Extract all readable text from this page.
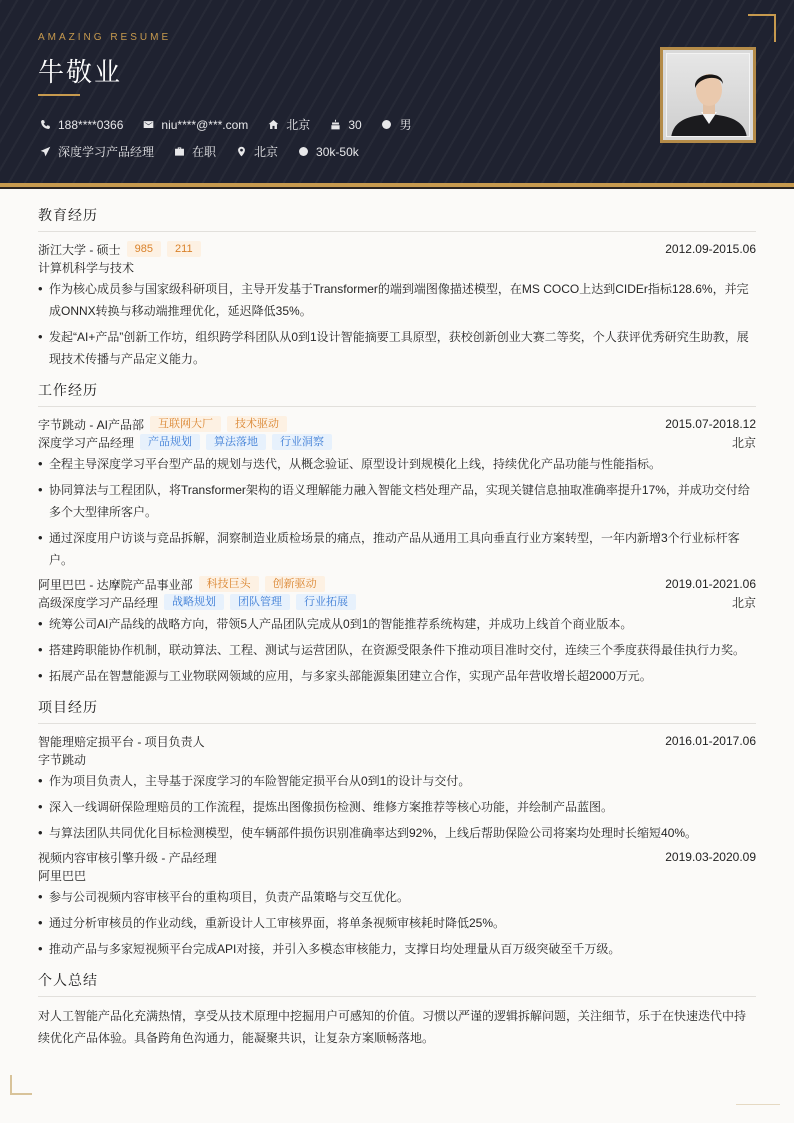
AMAZING RESUME
牛敬业
188****0366	niu****@***.com	北京	30	男
深度学习产品经理	在职	北京	30k-50k
教育经历
浙江大学 - 硕士	985	211	2012.09-2015.06
计算机科学与技术
• 作为核心成员参与国家级科研项目，主导开发基于Transformer的端到端图像描述模型，在MS COCO上达到CIDEr指标128.6%，并完成ONNX转换与移动端推理优化，延迟降低35%。
• 发起“AI+产品”创新工作坊，组织跨学科团队从0到1设计智能摘要工具原型，获校创新创业大赛二等奖，个人获评优秀研究生助教，展现技术传播与产品定义能力。
工作经历
字节跳动 - AI产品部	互联网大厂	技术驱动	2015.07-2018.12
深度学习产品经理	产品规划	算法落地	行业洞察	北京
• 全程主导深度学习平台型产品的规划与迭代，从概念验证、原型设计到规模化上线，持续优化产品功能与性能指标。
• 协同算法与工程团队，将Transformer架构的语义理解能力融入智能文档处理产品，实现关键信息抽取准确率提升17%，并成功交付给多个大型律所客户。
• 通过深度用户访谈与竞品拆解，洞察制造业质检场景的痛点，推动产品从通用工具向垂直行业方案转型，一年内新增3个行业标杆客户。
阿里巴巴 - 达摩院产品事业部	科技巨头	创新驱动	2019.01-2021.06
高级深度学习产品经理	战略规划	团队管理	行业拓展	北京
• 统筹公司AI产品线的战略方向，带领5人产品团队完成从0到1的智能推荐系统构建，并成功上线首个商业版本。
• 搭建跨职能协作机制，联动算法、工程、测试与运营团队，在资源受限条件下推动项目准时交付，连续三个季度获得最佳执行力奖。
• 拓展产品在智慧能源与工业物联网领域的应用，与多家头部能源集团建立合作，实现产品年营收增长超2000万元。
项目经历
智能理赔定损平台 - 项目负责人	2016.01-2017.06
字节跳动
• 作为项目负责人，主导基于深度学习的车险智能定损平台从0到1的设计与交付。
• 深入一线调研保险理赔员的工作流程，提炼出图像损伤检测、维修方案推荐等核心功能，并绘制产品蓝图。
• 与算法团队共同优化目标检测模型，使车辆部件损伤识别准确率达到92%，上线后帮助保险公司将案均处理时长缩短40%。
视频内容审核引擎升级 - 产品经理	2019.03-2020.09
阿里巴巴
• 参与公司视频内容审核平台的重构项目，负责产品策略与交互优化。
• 通过分析审核员的作业动线，重新设计人工审核界面，将单条视频审核耗时降低25%。
• 推动产品与多家短视频平台完成API对接，并引入多模态审核能力，支撑日均处理量从百万级突破至千万级。
个人总结
对人工智能产品化充满热情，享受从技术原理中挖掘用户可感知的价值。习惯以严谨的逻辑拆解问题，关注细节，乐于在快速迭代中持续优化产品体验。具备跨角色沟通力，能凝聚共识，让复杂方案顺畅落地。
